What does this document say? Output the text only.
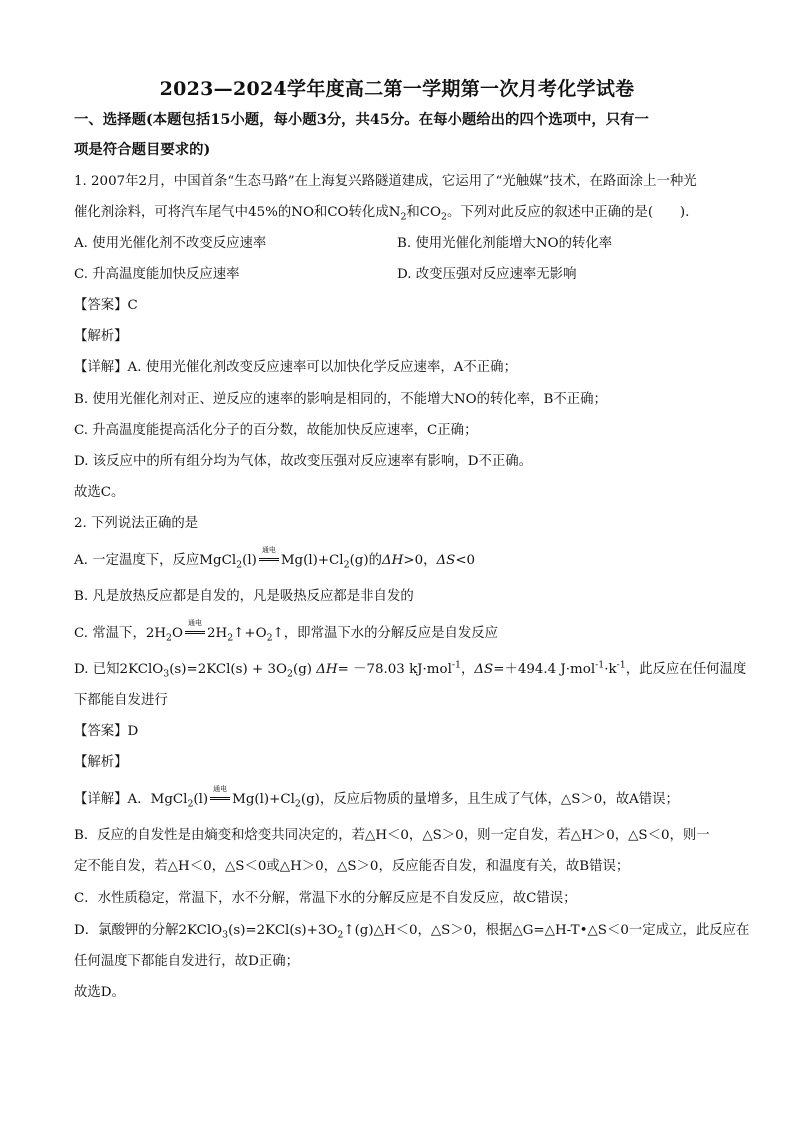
2023—2024学年度高二第一学期第一次月考化学试卷
一、选择题(本题包括15小题，每小题3分，共45分。在每小题给出的四个选项中，只有一
项是符合题目要求的)
1. 2007年2月，中国首条“生态马路”在上海复兴路隧道建成，它运用了“光触媒”技术，在路面涂上一种光
催化剂涂料，可将汽车尾气中45%的NO和CO转化成$N_2$和$CO_2$。下列对此反应的叙述中正确的是(　　).
A. 使用光催化剂不改变反应速率	B. 使用光催化剂能增大NO的转化率
C. 升高温度能加快反应速率	D. 改变压强对反应速率无影响
【答案】C
【解析】
【详解】A. 使用光催化剂改变反应速率可以加快化学反应速率，A不正确；
B. 使用光催化剂对正、逆反应的速率的影响是相同的，不能增大NO的转化率，B不正确；
C. 升高温度能提高活化分子的百分数，故能加快反应速率，C正确；
D. 该反应中的所有组分均为气体，故改变压强对反应速率有影响，D不正确。
故选C。
2. 下列说法正确的是
A. 一定温度下，反应MgCl$_2$(l)
通电
$Mg(l)+Cl_2(g)$的ΔH>0，ΔS<0
B. 凡是放热反应都是自发的，凡是吸热反应都是非自发的
C. 常温下，$2H_2O$
通电
$2H_2↑+O_2↑$，即常温下水的分解反应是自发反应
D. 已知2KClO$_3$(s)=2KCl(s) + $3O_2(g)$ ΔH= －78.03 kJ·mol$^{-1}$，ΔS=＋494.4 $J\cdot mol^{-1}\cdot k^{-1}$，此反应在任何温度
下都能自发进行
【答案】D
【解析】
【详解】A．MgCl$_2$(l)
通电
$Mg(l)+Cl_2(g)$，反应后物质的量增多，且生成了气体，△S＞0，故A错误；
B．反应的自发性是由熵变和焓变共同决定的，若△H＜0，△S＞0，则一定自发，若△H＞0，△S＜0，则一
定不能自发，若△H＜0，△S＜0或△H＞0，△S＞0，反应能否自发，和温度有关，故B错误；
C．水性质稳定，常温下，水不分解，常温下水的分解反应是不自发反应，故C错误；
D．氯酸钾的分解$2KClO_3(s)=2KCl(s)+3O_2↑(g)\triangle H<0$，△S＞0，根据△G=△H-T•△S＜0一定成立，此反应在
任何温度下都能自发进行，故D正确；
故选D。
